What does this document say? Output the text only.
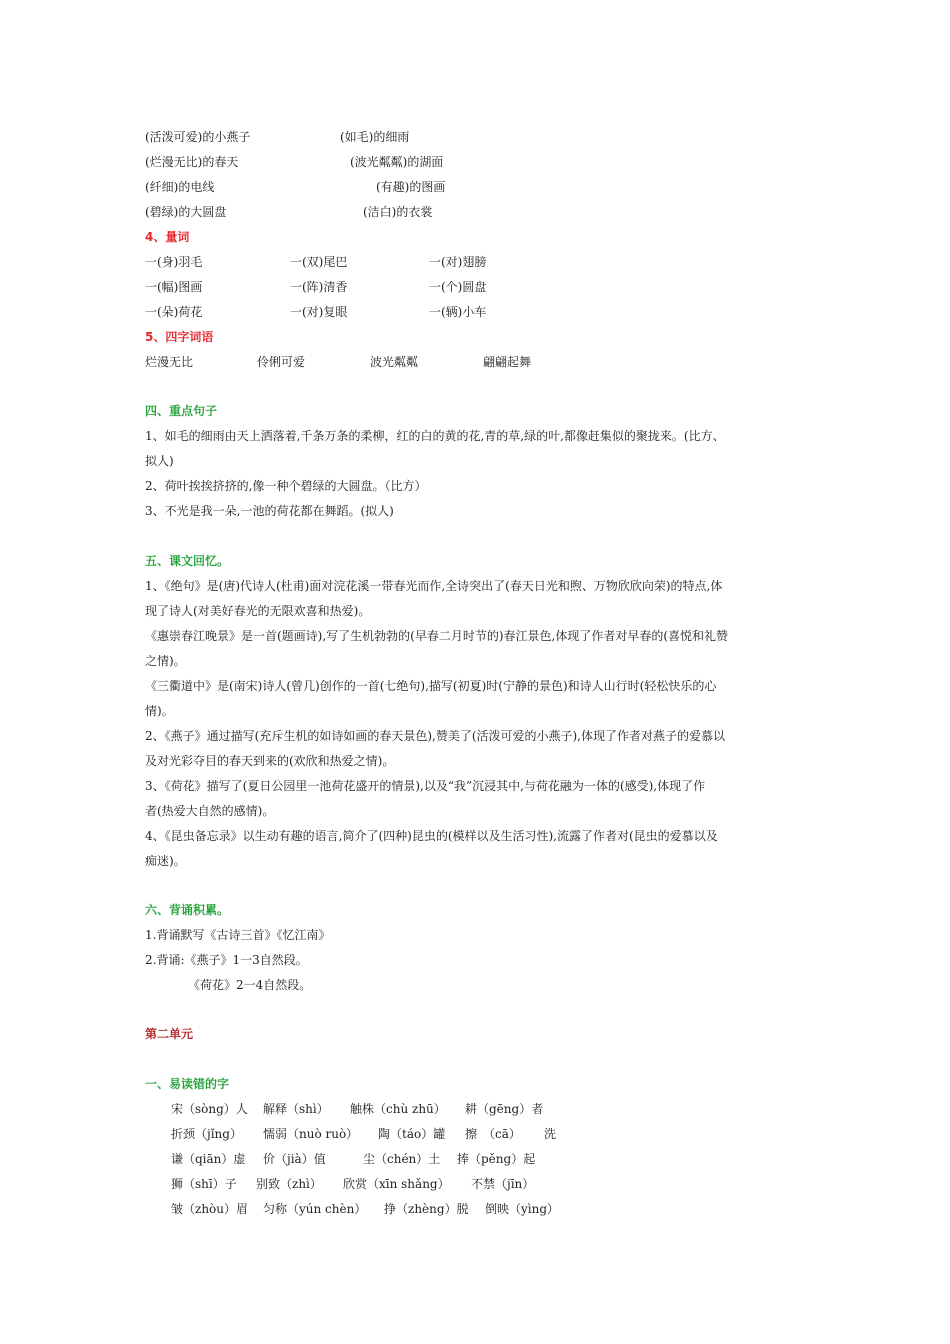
(活泼可爱)的小燕子	(如毛)的细雨
(烂漫无比)的春天	(波光粼粼)的湖面
(纤细)的电线	(有趣)的图画
(碧绿)的大圆盘	(洁白)的衣裳
4、量词
一(身)羽毛	一(双)尾巴	一(对)翅膀
一(幅)图画	一(阵)清香	一(个)圆盘
一(朵)荷花	一(对)复眼	一(辆)小车
5、四字词语
烂漫无比	伶俐可爱	波光粼粼	翩翩起舞
四、重点句子
1、如毛的细雨由天上洒落着,千条万条的柔柳，红的白的黄的花,青的草,绿的叶,都像赶集似的聚拢来。(比方、
拟人)
2、荷叶挨挨挤挤的,像一种个碧绿的大圆盘。（比方）
3、不光是我一朵,一池的荷花都在舞蹈。(拟人)
五、课文回忆。
1、《绝句》是(唐)代诗人(杜甫)面对浣花溪一带春光而作,全诗突出了(春天日光和煦、万物欣欣向荣)的特点,体
现了诗人(对美好春光的无限欢喜和热爱)。
《惠崇春江晚景》是一首(题画诗),写了生机勃勃的(早春二月时节的)春江景色,体现了作者对早春的(喜悦和礼赞
之情)。
《三衢道中》是(南宋)诗人(曾几)创作的一首(七绝句),描写(初夏)时(宁静的景色)和诗人山行时(轻松快乐的心
情)。
2、《燕子》通过描写(充斥生机的如诗如画的春天景色),赞美了(活泼可爱的小燕子),体现了作者对燕子的爱慕以
及对光彩夺目的春天到来的(欢欣和热爱之情)。
3、《荷花》描写了(夏日公园里一池荷花盛开的情景),以及“我”沉浸其中,与荷花融为一体的(感受),体现了作
者(热爱大自然的感情)。
4、《昆虫备忘录》以生动有趣的语言,简介了(四种)昆虫的(模样以及生活习性),流露了作者对(昆虫的爱慕以及
痴迷)。
六、背诵积累。
1.背诵默写《古诗三首》《忆江南》
2.背诵:《燕子》1一3自然段。
《荷花》2一4自然段。
第二单元
一、易读错的字
宋（sòng）人 解释（shì） 触株（chù zhū） 耕（gēng）者
折颈（jǐng） 懦弱（nuò ruò） 陶（táo）罐 擦　（cā） 洗
谦（qiān）虚 价（jià）值	尘（chén）土 捧（pěng）起
狮（shī）子 别致（zhì） 欣赏（xīn shǎng） 不禁（jīn）
皱（zhòu）眉 匀称（yún chèn） 挣（zhèng）脱 倒映（yìng）
